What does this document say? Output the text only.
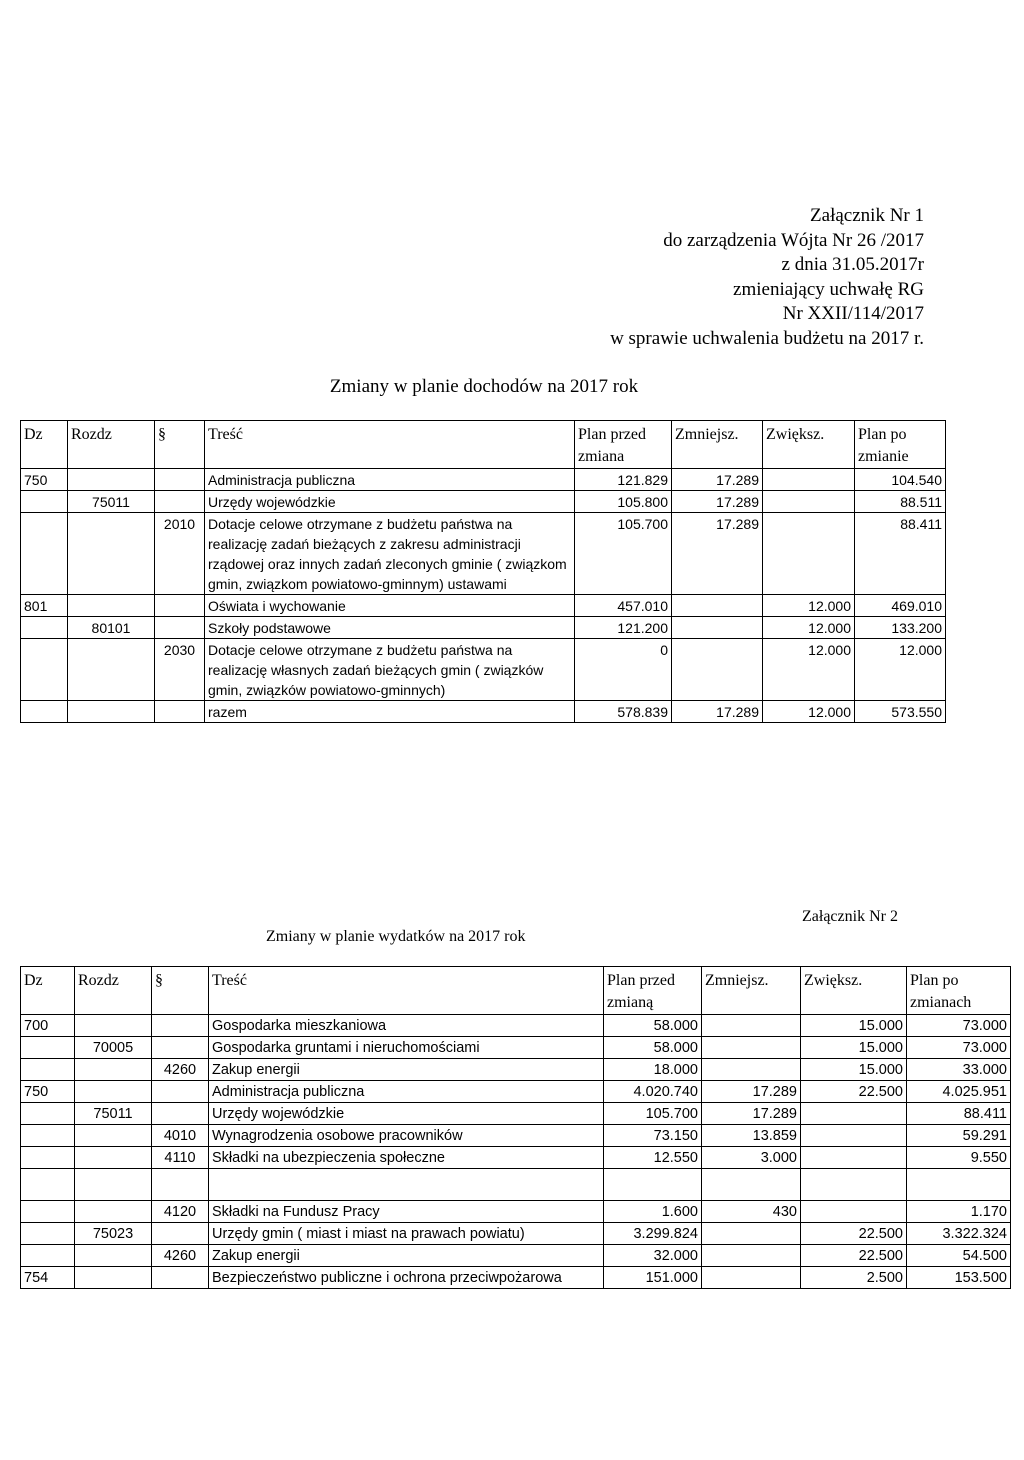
Załącznik Nr 1
do zarządzenia Wójta Nr 26 /2017
z dnia 31.05.2017r
zmieniający uchwałę RG
Nr XXII/114/2017
w sprawie uchwalenia budżetu na 2017 r.
Zmiany w planie dochodów na 2017 rok
Dz	Rozdz	§	Treść	Plan przed zmiana	Zmniejsz.	Zwiększ.	Plan po zmianie
750			Administracja publiczna	121.829	17.289		104.540
	75011		Urzędy wojewódzkie	105.800	17.289		88.511
		2010	Dotacje celowe otrzymane z budżetu państwa na realizację zadań bieżących z zakresu administracji rządowej oraz innych zadań zleconych gminie ( związkom gmin, związkom powiatowo-gminnym) ustawami	105.700	17.289		88.411
801			Oświata i wychowanie	457.010		12.000	469.010
	80101		Szkoły podstawowe	121.200		12.000	133.200
		2030	Dotacje celowe otrzymane z budżetu państwa na realizację własnych zadań bieżących gmin ( związków gmin, związków powiatowo-gminnych)	0		12.000	12.000
			razem	578.839	17.289	12.000	573.550
Zmiany w planie wydatków na 2017 rok
Załącznik Nr 2
Dz	Rozdz	§	Treść	Plan przed zmianą	Zmniejsz.	Zwiększ.	Plan po zmianach
700			Gospodarka mieszkaniowa	58.000		15.000	73.000
	70005		Gospodarka gruntami i nieruchomościami	58.000		15.000	73.000
		4260	Zakup energii	18.000		15.000	33.000
750			Administracja publiczna	4.020.740	17.289	22.500	4.025.951
	75011		Urzędy wojewódzkie	105.700	17.289		88.411
		4010	Wynagrodzenia osobowe pracowników	73.150	13.859		59.291
		4110	Składki na ubezpieczenia społeczne	12.550	3.000		9.550

		4120	Składki na Fundusz Pracy	1.600	430		1.170
	75023		Urzędy gmin ( miast i miast na prawach powiatu)	3.299.824		22.500	3.322.324
		4260	Zakup energii	32.000		22.500	54.500
754			Bezpieczeństwo publiczne i ochrona przeciwpożarowa	151.000		2.500	153.500
